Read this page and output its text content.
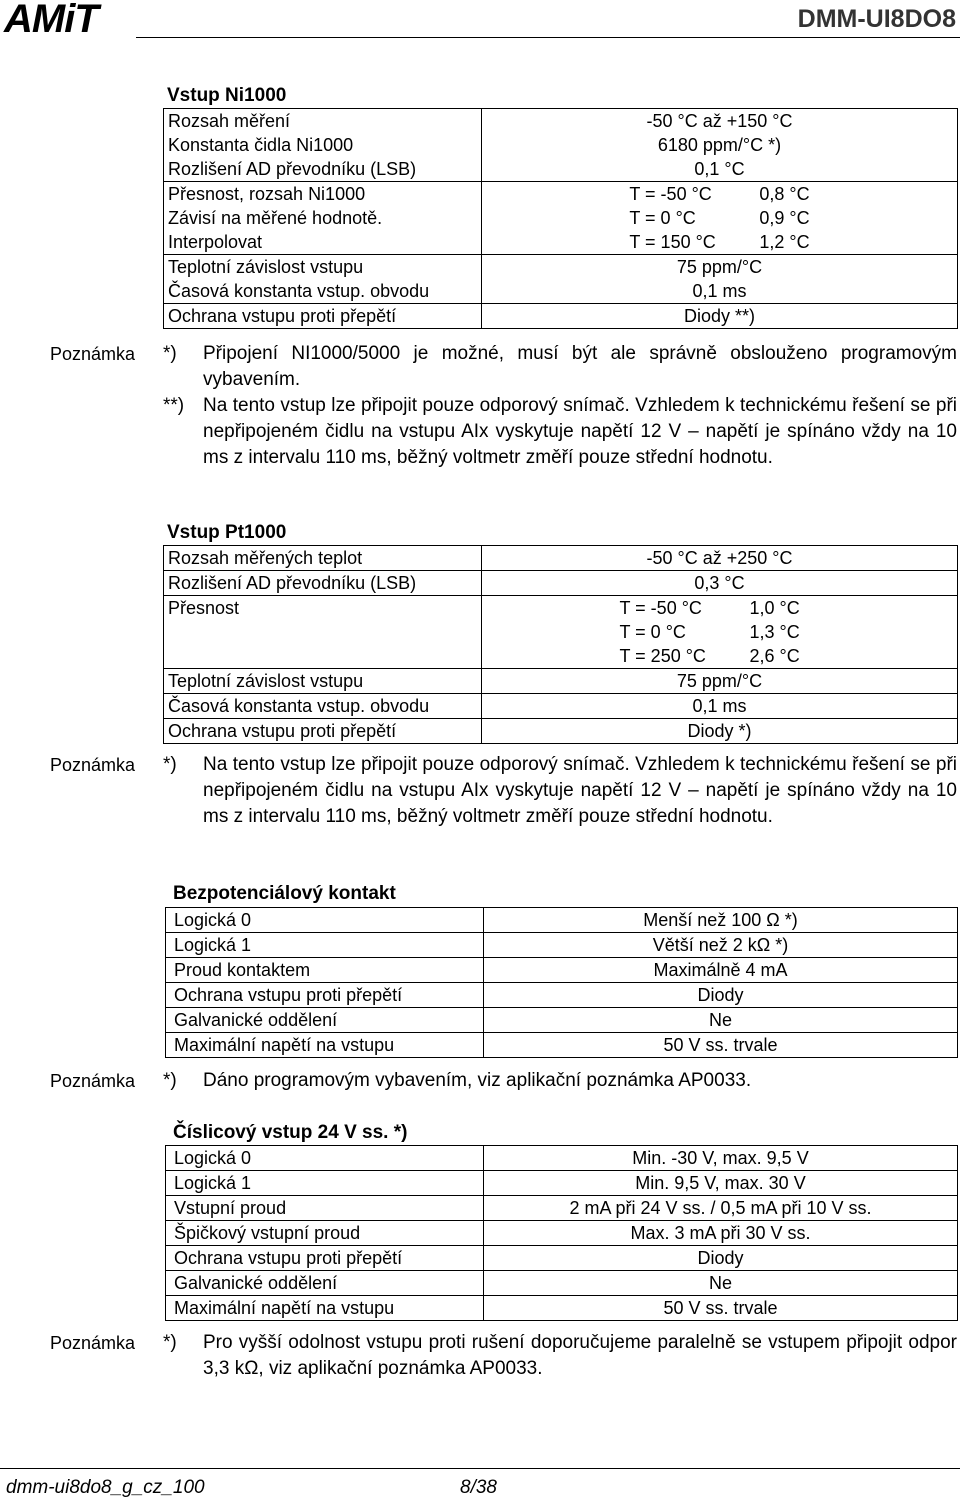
AMiT	DMM-UI8DO8
Vstup Ni1000
Rozsah měření	-50 °C až +150 °C
Konstanta čidla Ni1000	6180 ppm/°C *)
Rozlišení AD převodníku (LSB)	0,1 °C
Přesnost, rozsah Ni1000	T = -50 °C 0,8 °C
Závisí na měřené hodnotě.	T = 0 °C 0,9 °C
Interpolovat	T = 150 °C 1,2 °C
Teplotní závislost vstupu	75 ppm/°C
Časová konstanta vstup. obvodu	0,1 ms
Ochrana vstupu proti přepětí	Diody **)
Poznámka *) Připojení NI1000/5000 je možné, musí být ale správně obslouženo programovým vybavením.
**) Na tento vstup lze připojit pouze odporový snímač. Vzhledem k technickému řešení se při nepřipojeném čidlu na vstupu AIx vyskytuje napětí 12 V – napětí je spínáno vždy na 10 ms z intervalu 110 ms, běžný voltmetr změří pouze střední hodnotu.
Vstup Pt1000
Rozsah měřených teplot	-50 °C až +250 °C
Rozlišení AD převodníku (LSB)	0,3 °C
Přesnost	T = -50 °C 1,0 °C
T = 0 °C 1,3 °C
T = 250 °C 2,6 °C

Teplotní závislost vstupu	75 ppm/°C
Časová konstanta vstup. obvodu	0,1 ms
Ochrana vstupu proti přepětí	Diody *)
Poznámka *) Na tento vstup lze připojit pouze odporový snímač. Vzhledem k technickému řešení se při nepřipojeném čidlu na vstupu AIx vyskytuje napětí 12 V – napětí je spínáno vždy na 10 ms z intervalu 110 ms, běžný voltmetr změří pouze střední hodnotu.
Bezpotenciálový kontakt
Logická 0	Menší než 100 Ω *)
Logická 1	Větší než 2 kΩ *)
Proud kontaktem	Maximálně 4 mA
Ochrana vstupu proti přepětí	Diody
Galvanické oddělení	Ne
Maximální napětí na vstupu	50 V ss. trvale
Poznámka *) Dáno programovým vybavením, viz aplikační poznámka AP0033.
Číslicový vstup 24 V ss. *)
Logická 0	Min. -30 V, max. 9,5 V
Logická 1	Min. 9,5 V, max. 30 V
Vstupní proud	2 mA při 24 V ss. / 0,5 mA při 10 V ss.
Špičkový vstupní proud	Max. 3 mA při 30 V ss.
Ochrana vstupu proti přepětí	Diody
Galvanické oddělení	Ne
Maximální napětí na vstupu	50 V ss. trvale
Poznámka *) Pro vyšší odolnost vstupu proti rušení doporučujeme paralelně se vstupem připojit odpor 3,3 kΩ, viz aplikační poznámka AP0033.
dmm-ui8do8_g_cz_100	8/38
